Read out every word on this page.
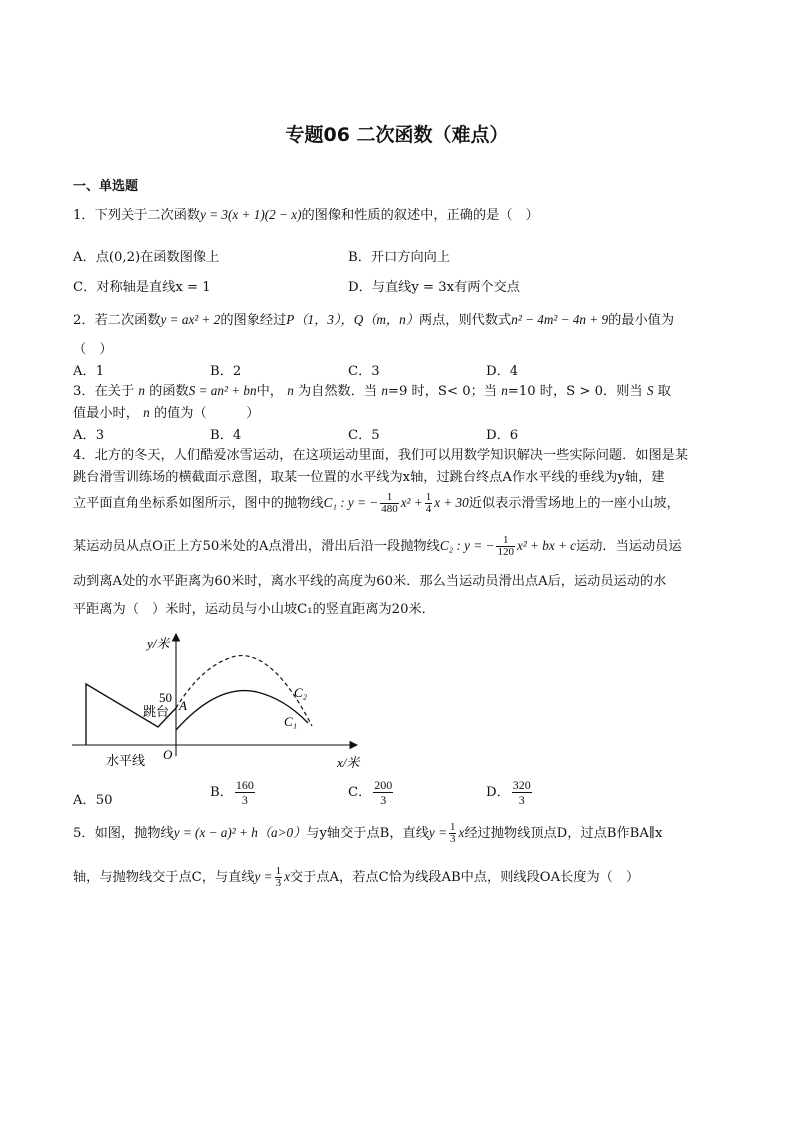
专题06 二次函数（难点）
一、单选题
1．下列关于二次函数y = 3(x + 1)(2 − x)的图像和性质的叙述中，正确的是（　）
A．点(0,2)在函数图像上	B．开口方向向上
C．对称轴是直线x = 1	D．与直线y = 3x有两个交点
2．若二次函数y = ax² + 2的图象经过P（1，3），Q（m，n）两点，则代数式n² − 4m² − 4n + 9的最小值为
（　）
A．1	B．2	C．3	D．4
3．在关于 n 的函数S = an² + bn中， n 为自然数．当 n=9 时，S< 0；当 n=10 时，S > 0．则当 S 取
值最小时， n 的值为（　　　）
A．3	B．4	C．5	D．6
4．北方的冬天，人们酷爱冰雪运动，在这项运动里面，我们可以用数学知识解决一些实际问题．如图是某
跳台滑雪训练场的横截面示意图，取某一位置的水平线为x轴，过跳台终点A作水平线的垂线为y轴，建
立平面直角坐标系如图所示，图中的抛物线C₁ : y = − $\frac{1}{480} x^2 + \frac{1}{4}$ x + 30近似表示滑雪场地上的一座小山坡，
某运动员从点O正上方50米处的A点滑出，滑出后沿一段抛物线C₂ : y = − $\frac{1}{120} x^2$ + bx + c运动．当运动员运
动到离A处的水平距离为60米时，离水平线的高度为60米．那么当运动员滑出点A后，运动员运动的水
平距离为（　）米时，运动员与小山坡C₁的竖直距离为20米．
y/米
x/米
50
A
跳台
O
C₂
C₁
水平线
A．50
B． $\frac{160}{3}$	C． $\frac{200}{3}$	D． $\frac{320}{3}$
5．如图，抛物线y = (x − a)² + h（a>0）与y轴交于点B，直线$y = \frac{1}{3}$ x经过抛物线顶点D，过点B作BA∥x
轴，与抛物线交于点C，与直线$y = \frac{1}{3}$ x交于点A，若点C恰为线段AB中点，则线段OA长度为（　）
